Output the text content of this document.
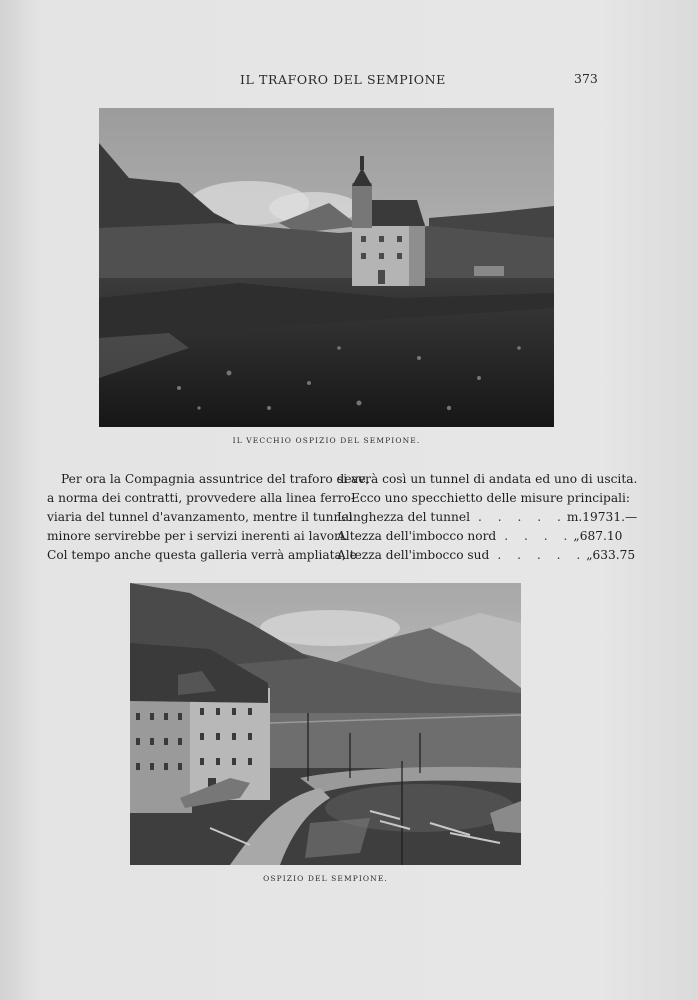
IL TRAFORO DEL SEMPIONE	373
IL VECCHIO OSPIZIO DEL SEMPIONE.
Per ora la Compagnia assuntrice del traforo deve,
a norma dei contratti, provvedere alla linea ferro-
viaria del tunnel d'avanzamento, mentre il tunnel
minore servirebbe per i servizi inerenti ai lavori.
Col tempo anche questa galleria verrà ampliata, e
si avrà così un tunnel di andata ed uno di uscita.
Ecco uno specchietto delle misure principali:
Lunghezza del tunnel . . . . . m. 19731.—
Altezza dell'imbocco nord . . . . „ 687.10
Altezza dell'imbocco sud . . . . . „ 633.75
OSPIZIO DEL SEMPIONE.
